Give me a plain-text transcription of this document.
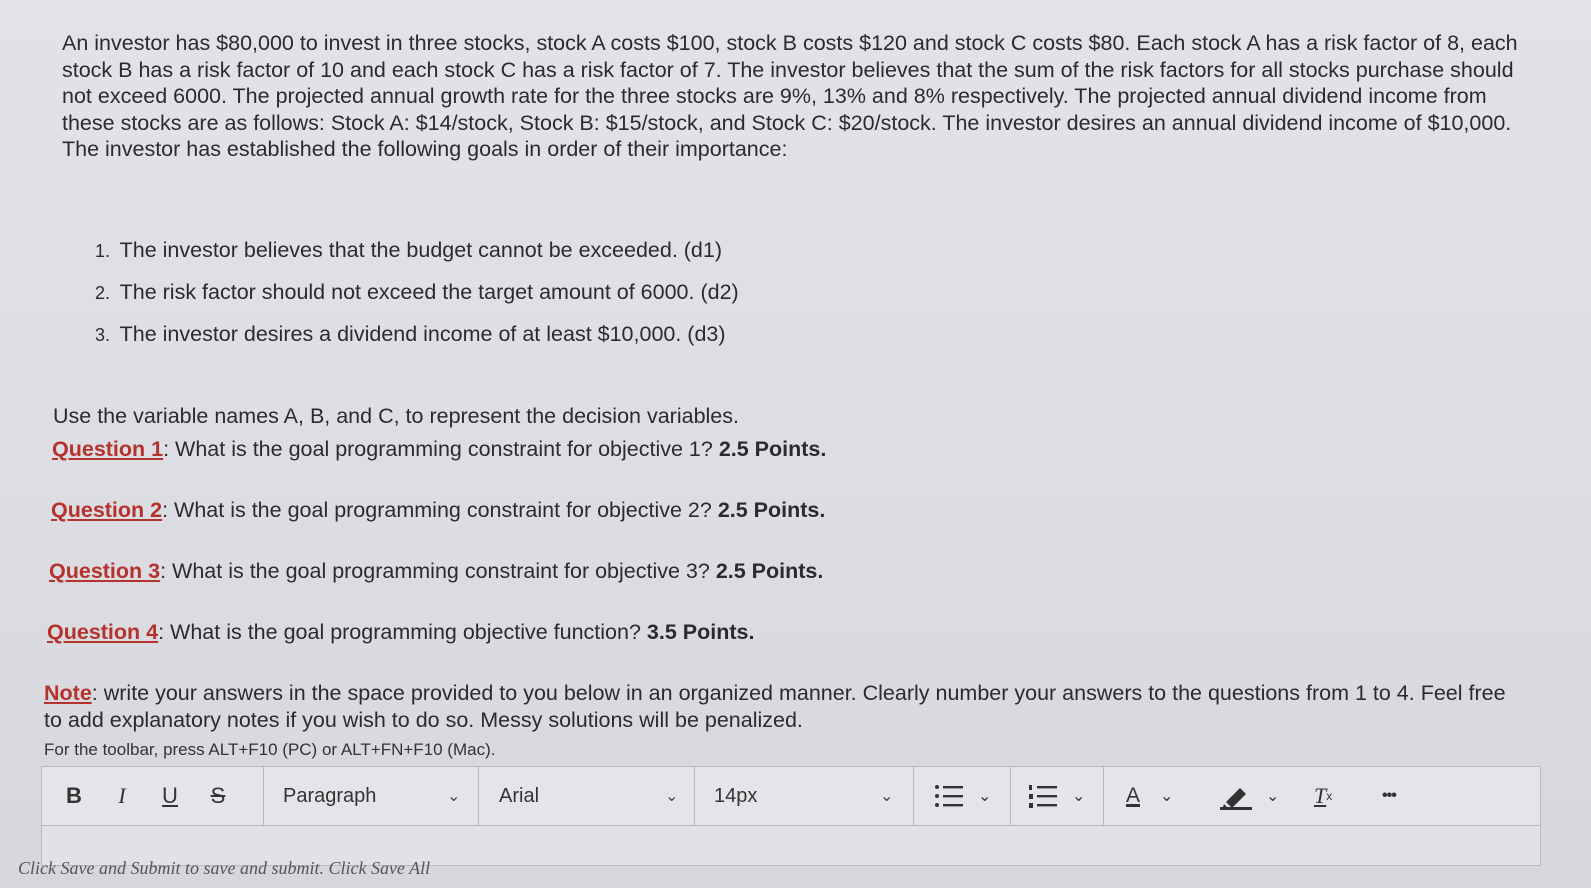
An investor has $80,000 to invest in three stocks, stock A costs $100, stock B costs $120 and stock C costs $80. Each stock A has a risk factor of 8, each stock B has a risk factor of 10 and each stock C has a risk factor of 7. The investor believes that the sum of the risk factors for all stocks purchase should not exceed 6000. The projected annual growth rate for the three stocks are 9%, 13% and 8% respectively. The projected annual dividend income from these stocks are as follows: Stock A: $14/stock, Stock B: $15/stock, and Stock C: $20/stock. The investor desires an annual dividend income of $10,000. The investor has established the following goals in order of their importance:
1. The investor believes that the budget cannot be exceeded. (d1)
2. The risk factor should not exceed the target amount of 6000. (d2)
3. The investor desires a dividend income of at least $10,000. (d3)
Use the variable names A, B, and C, to represent the decision variables.
Question 1: What is the goal programming constraint for objective 1? 2.5 Points.
Question 2: What is the goal programming constraint for objective 2? 2.5 Points.
Question 3: What is the goal programming constraint for objective 3? 2.5 Points.
Question 4: What is the goal programming objective function? 3.5 Points.
Note: write your answers in the space provided to you below in an organized manner. Clearly number your answers to the questions from 1 to 4. Feel free to add explanatory notes if you wish to do so. Messy solutions will be penalized.
For the toolbar, press ALT+F10 (PC) or ALT+FN+F10 (Mac).
B	I	U	S	Paragraph	⌄ Arial	⌄ 14px	⌄	⌄	⌄ A ⌄	⌄ T x	•••
Click Save and Submit to save and submit. Click Save All
